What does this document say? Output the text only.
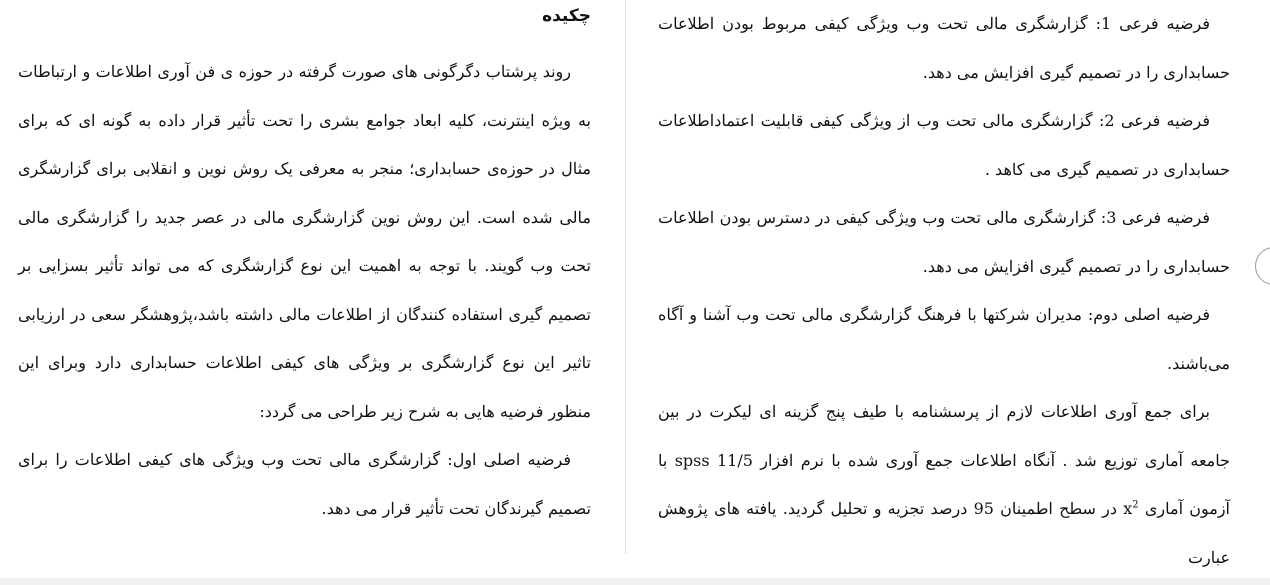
چکیده

روند پرشتاب دگرگونی های صورت گرفته در حوزه ی فن آوری اطلاعات و ارتباطات به ویژه اینترنت، کلیه ابعاد جوامع بشری را تحت تأثیر قرار داده به گونه ای که برای مثال در حوزه‌ی حسابداری؛ منجر به معرفی یک روش نوین و انقلابی برای گزارشگری مالی شده است. این روش نوین گزارشگری مالی در عصر جدید را گزارشگری مالی تحت وب گویند. با توجه به اهمیت این نوع گزارشگری که می تواند تأثیر بسزایی بر تصمیم گیری استفاده کنندگان از اطلاعات مالی داشته باشد،پژوهشگر سعی در ارزیابی تاثیر این نوع گزارشگری بر ویژگی های کیفی اطلاعات حسابداری دارد وبرای این منظور فرضیه هایی به شرح زیر طراحی می گردد:

فرضیه اصلی اول: گزارشگری مالی تحت وب ویژگی های کیفی اطلاعات را برای تصمیم گیرندگان تحت تأثیر قرار می دهد.

فرضیه فرعی 1: گزارشگری مالی تحت وب ویژگی کیفی مربوط بودن اطلاعات حسابداری را در تصمیم گیری افزایش می دهد.

فرضیه فرعی 2: گزارشگری مالی تحت وب از ویژگی کیفی قابلیت اعتماداطلاعات حسابداری در تصمیم گیری می کاهد .

فرضیه فرعی 3: گزارشگری مالی تحت وب ویژگی کیفی در دسترس بودن اطلاعات حسابداری را در تصمیم گیری افزایش می دهد.

فرضیه اصلی دوم: مدیران شرکتها با فرهنگ گزارشگری مالی تحت وب آشنا و آگاه می‌باشند.

برای جمع آوری اطلاعات لازم از پرسشنامه با طیف پنج گزینه ای لیکرت در بین جامعه آماری توزیع شد . آنگاه اطلاعات جمع آوری شده با نرم افزار spss 11/5 با آزمون آماری $x^2$ در سطح اطمینان 95 درصد تجزیه و تحلیل گردید. یافته های پژوهش عبارت
